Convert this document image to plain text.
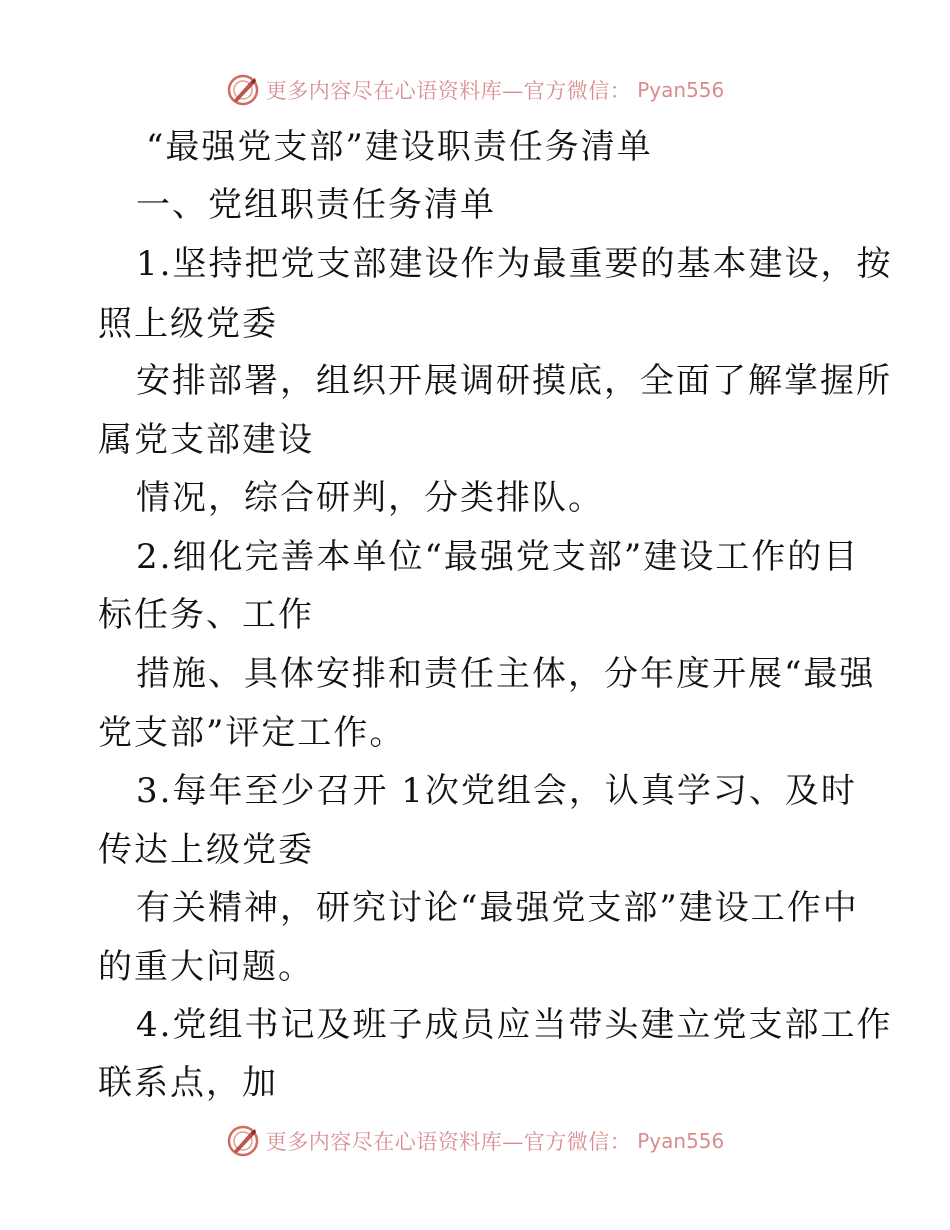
更多内容尽在心语资料库—官方微信： Pyan556
“最强党支部”建设职责任务清单
一、党组职责任务清单
1.坚持把党支部建设作为最重要的基本建设，按
照上级党委
安排部署，组织开展调研摸底，全面了解掌握所
属党支部建设
情况，综合研判，分类排队。
2.细化完善本单位“最强党支部”建设工作的目
标任务、工作
措施、具体安排和责任主体，分年度开展“最强
党支部”评定工作。
3.每年至少召开 1次党组会，认真学习、及时
传达上级党委
有关精神，研究讨论“最强党支部”建设工作中
的重大问题。
4.党组书记及班子成员应当带头建立党支部工作
联系点，加
更多内容尽在心语资料库—官方微信： Pyan556
